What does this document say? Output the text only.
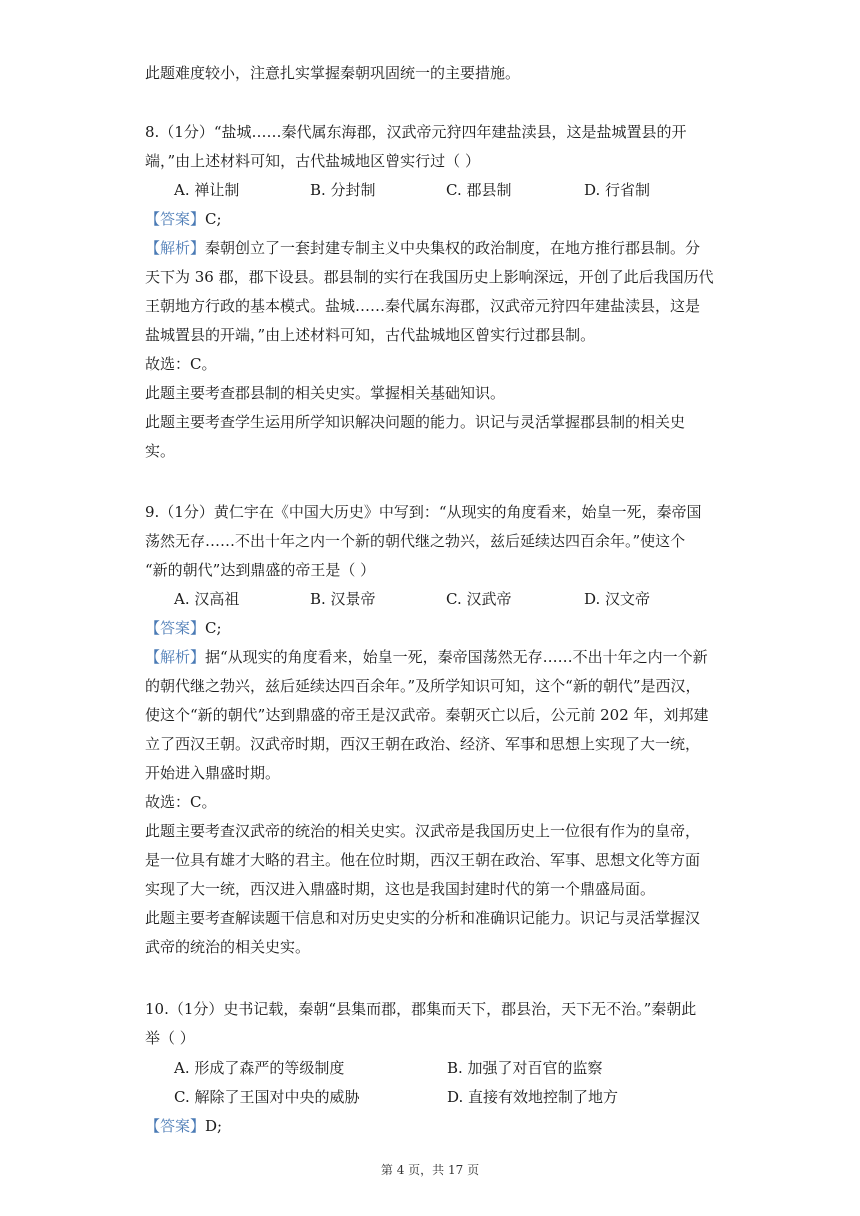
此题难度较小，注意扎实掌握秦朝巩固统一的主要措施。
8.（1分）“盐城……秦代属东海郡，汉武帝元狩四年建盐渎县，这是盐城置县的开
端，”由上述材料可知，古代盐城地区曾实行过（ ）
A. 禅让制	B. 分封制	C. 郡县制	D. 行省制
【答案】C;
【解析】秦朝创立了一套封建专制主义中央集权的政治制度，在地方推行郡县制。分
天下为 36 郡，郡下设县。郡县制的实行在我国历史上影响深远，开创了此后我国历代
王朝地方行政的基本模式。盐城……秦代属东海郡，汉武帝元狩四年建盐渎县，这是
盐城置县的开端，”由上述材料可知，古代盐城地区曾实行过郡县制。
故选：C。
此题主要考查郡县制的相关史实。掌握相关基础知识。
此题主要考查学生运用所学知识解决问题的能力。识记与灵活掌握郡县制的相关史
实。
9.（1分）黄仁宇在《中国大历史》中写到：“从现实的角度看来，始皇一死，秦帝国
荡然无存……不出十年之内一个新的朝代继之勃兴，兹后延续达四百余年。”使这个
“新的朝代”达到鼎盛的帝王是（ ）
A. 汉高祖	B. 汉景帝	C. 汉武帝	D. 汉文帝
【答案】C;
【解析】据“从现实的角度看来，始皇一死，秦帝国荡然无存……不出十年之内一个新
的朝代继之勃兴，兹后延续达四百余年。”及所学知识可知，这个“新的朝代”是西汉，
使这个“新的朝代”达到鼎盛的帝王是汉武帝。秦朝灭亡以后，公元前 202 年，刘邦建
立了西汉王朝。汉武帝时期，西汉王朝在政治、经济、军事和思想上实现了大一统，
开始进入鼎盛时期。
故选：C。
此题主要考查汉武帝的统治的相关史实。汉武帝是我国历史上一位很有作为的皇帝，
是一位具有雄才大略的君主。他在位时期，西汉王朝在政治、军事、思想文化等方面
实现了大一统，西汉进入鼎盛时期，这也是我国封建时代的第一个鼎盛局面。
此题主要考查解读题干信息和对历史史实的分析和准确识记能力。识记与灵活掌握汉
武帝的统治的相关史实。
10.（1分）史书记载，秦朝“县集而郡，郡集而天下，郡县治，天下无不治。”秦朝此
举（ ）
A. 形成了森严的等级制度	B. 加强了对百官的监察
C. 解除了王国对中央的威胁	D. 直接有效地控制了地方
【答案】D;
第 4 页，共 17 页
